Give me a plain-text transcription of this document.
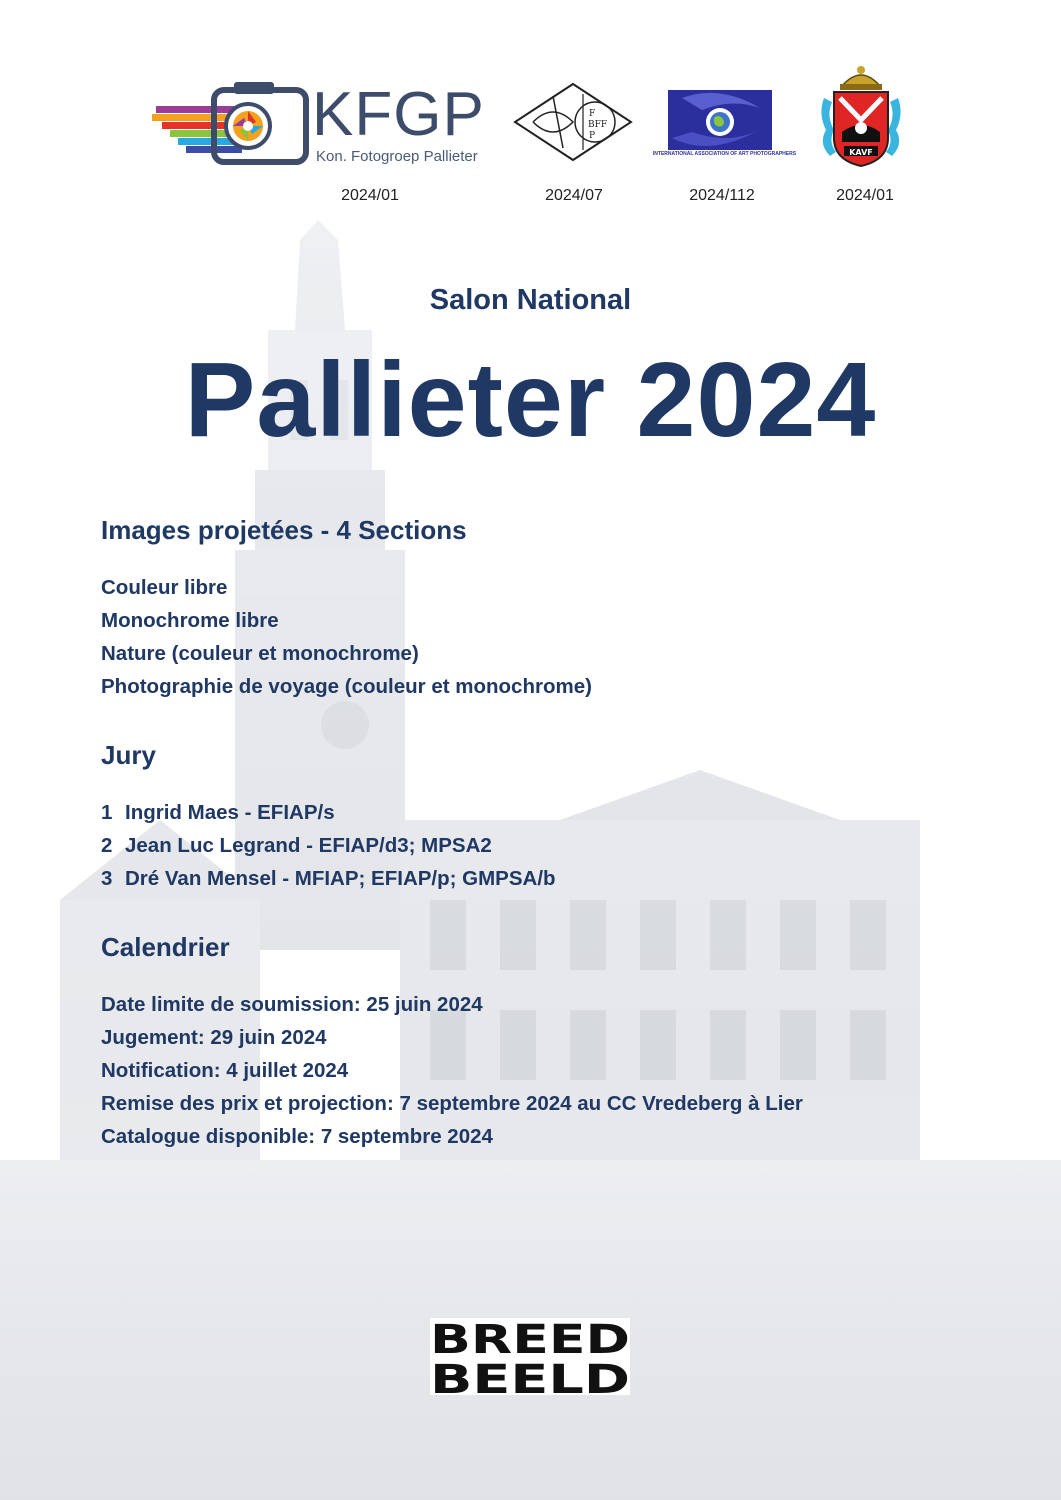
KFGP
Kon. Fotogroep Pallieter
F
BFF
P
INTERNATIONAL ASSOCIATION OF ART PHOTOGRAPHERS	KAVF
2024/01	2024/07	2024/112	2024/01
Salon National
Pallieter 2024
Images projetées - 4 Sections
Couleur libre
Monochrome libre
Nature (couleur et monochrome)
Photographie de voyage (couleur et monochrome)
Jury
1 Ingrid Maes - EFIAP/s
2 Jean Luc Legrand - EFIAP/d3; MPSA2
3 Dré Van Mensel - MFIAP; EFIAP/p; GMPSA/b
Calendrier
Date limite de soumission: 25 juin 2024
Jugement: 29 juin 2024
Notification: 4 juillet 2024
Remise des prix et projection: 7 septembre 2024 au CC Vredeberg à Lier
Catalogue disponible: 7 septembre 2024
BREED
BEELD
